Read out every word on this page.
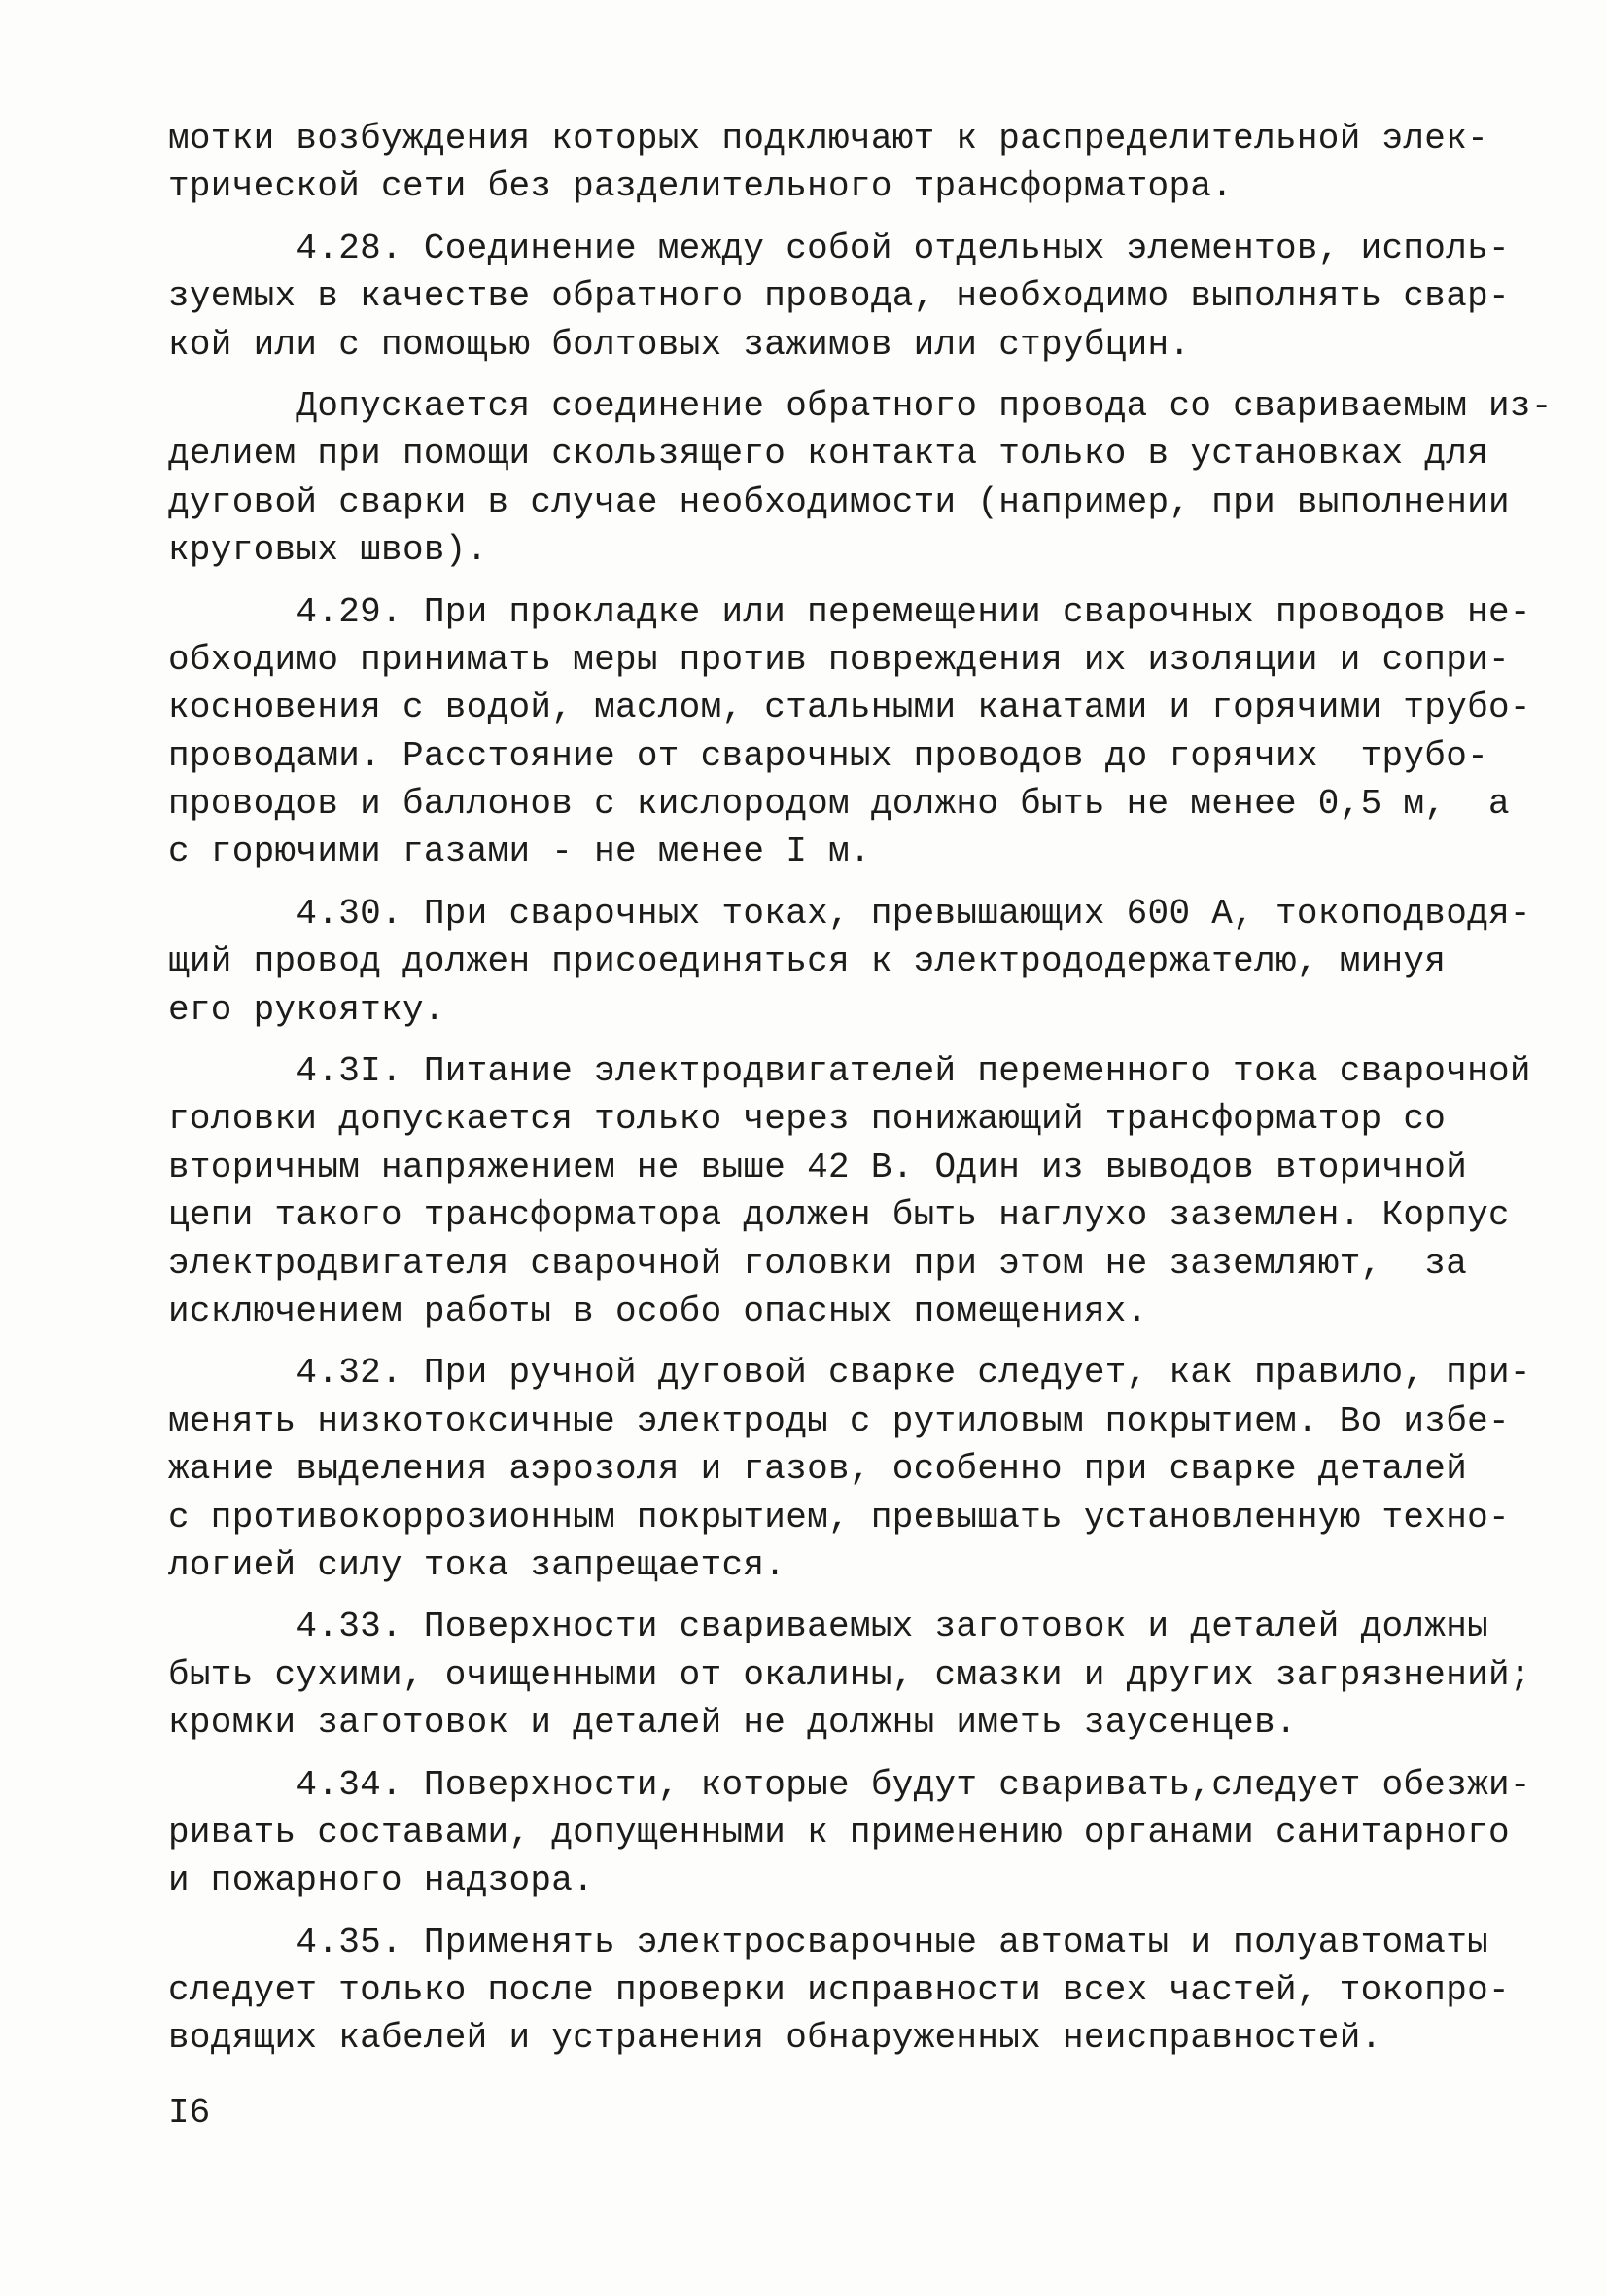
мотки возбуждения которых подключают к распределительной элек-
трической сети без разделительного трансформатора.
4.28. Соединение между собой отдельных элементов, исполь-
зуемых в качестве обратного провода, необходимо выполнять свар-
кой или с помощью болтовых зажимов или струбцин.
Допускается соединение обратного провода со свариваемым из-
делием при помощи скользящего контакта только в установках для
дуговой сварки в случае необходимости (например, при выполнении
круговых швов).
4.29. При прокладке или перемещении сварочных проводов не-
обходимо принимать меры против повреждения их изоляции и сопри-
косновения с водой, маслом, стальными канатами и горячими трубо-
проводами. Расстояние от сварочных проводов до горячих  трубо-
проводов и баллонов с кислородом должно быть не менее 0,5 м,  а
с горючими газами - не менее I м.
4.30. При сварочных токах, превышающих 600 А, токоподводя-
щий провод должен присоединяться к электрододержателю, минуя
его рукоятку.
4.3I. Питание электродвигателей переменного тока сварочной
головки допускается только через понижающий трансформатор со
вторичным напряжением не выше 42 В. Один из выводов вторичной
цепи такого трансформатора должен быть наглухо заземлен. Корпус
электродвигателя сварочной головки при этом не заземляют,  за
исключением работы в особо опасных помещениях.
4.32. При ручной дуговой сварке следует, как правило, при-
менять низкотоксичные электроды с рутиловым покрытием. Во избе-
жание выделения аэрозоля и газов, особенно при сварке деталей
с противокоррозионным покрытием, превышать установленную техно-
логией силу тока запрещается.
4.33. Поверхности свариваемых заготовок и деталей должны
быть сухими, очищенными от окалины, смазки и других загрязнений;
кромки заготовок и деталей не должны иметь заусенцев.
4.34. Поверхности, которые будут сваривать,следует обезжи-
ривать составами, допущенными к применению органами санитарного
и пожарного надзора.
4.35. Применять электросварочные автоматы и полуавтоматы
следует только после проверки исправности всех частей, токопро-
водящих кабелей и устранения обнаруженных неисправностей.
I6
